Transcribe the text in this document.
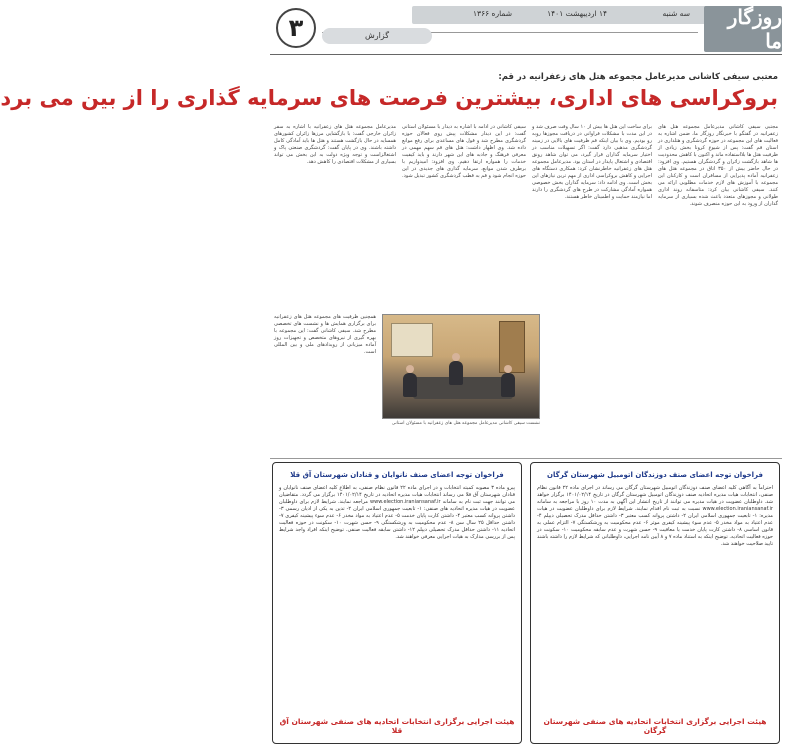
سه شنبه
۱۴ اردیبهشت ۱۴۰۱
شماره ۱۳۶۶	روزگار ما
گزارش
۳
معتبی سیفی کاشانی مدیرعامل مجموعه هتل های زعفرانیه در قم:
بروکراسی های اداری، بیشترین فرصت های سرمایه گذاری را از بین می برد

مجتبی سیفی کاشانی مدیرعامل مجموعه هتل های زعفرانیه در گفتگو با خبرنگار روزگار ما، ضمن اشاره به فعالیت های این مجموعه در حوزه گردشگری و هتلداری در استان قم گفت: پس از شیوع کرونا بخش زیادی از ظرفیت هتل ها بلااستفاده ماند و اکنون با کاهش محدودیت ها شاهد بازگشت زائران و گردشگران هستیم. وی افزود: در حال حاضر بیش از ۳۵۰ اتاق در مجموعه هتل های زعفرانیه آماده پذیرایی از مسافران است و کارکنان این مجموعه با آموزش های لازم خدمات مطلوبی ارائه می کنند. سیفی کاشانی بیان کرد: متاسفانه روند اداری طولانی و مجوزهای متعدد باعث شده بسیاری از سرمایه گذاران از ورود به این حوزه منصرف شوند.

برای ساخت این هتل ها بیش از ۱۰ سال وقت صرف شد و در این مدت با مشکلات فراوانی در دریافت مجوزها روبه رو بودیم. وی با بیان اینکه قم ظرفیت های بالایی در زمینه گردشگری مذهبی دارد گفت: اگر تسهیلات مناسب در اختیار سرمایه گذاران قرار گیرد، می توان شاهد رونق اقتصادی و اشتغال پایدار در استان بود. مدیرعامل مجموعه هتل های زعفرانیه خاطرنشان کرد: همکاری دستگاه های اجرایی و کاهش بروکراسی اداری از مهم ترین نیازهای این بخش است. وی ادامه داد: سرمایه گذاران بخش خصوصی همواره آمادگی مشارکت در طرح های گردشگری را دارند اما نیازمند حمایت و اطمینان خاطر هستند.

سیفی کاشانی در ادامه با اشاره به دیدار با مسئولان استانی گفت: در این دیدار مشکلات پیش روی فعالان حوزه گردشگری مطرح شد و قول های مساعدی برای رفع موانع داده شد. وی اظهار داشت: هتل های قم سهم مهمی در معرفی فرهنگ و جاذبه های این شهر دارند و باید کیفیت خدمات را همواره ارتقا دهیم. وی افزود: امیدواریم با برطرف شدن موانع، سرمایه گذاری های جدیدی در این حوزه انجام شود و قم به قطب گردشگری کشور تبدیل شود.

مدیرعامل مجموعه هتل های زعفرانیه با اشاره به سفر زائران خارجی گفت: با بازگشایی مرزها زائران کشورهای همسایه در حال بازگشت هستند و هتل ها باید آمادگی کامل داشته باشند. وی در پایان گفت: گردشگری صنعتی پاک و اشتغالزاست و توجه ویژه دولت به این بخش می تواند بسیاری از مشکلات اقتصادی را کاهش دهد.

همچنین ظرفیت های مجموعه هتل های زعفرانیه برای برگزاری همایش ها و نشست های تخصصی مطرح شد. سیفی کاشانی گفت: این مجموعه با بهره گیری از نیروهای متخصص و تجهیزات روز آماده میزبانی از رویدادهای ملی و بین المللی است.

نشست سیفی کاشانی مدیرعامل مجموعه هتل های زعفرانیه با مسئولان استانی
فراخوان توجه اعضای صنف دوزندگان اتومبیل شهرستان گرگان
احتراماً به آگاهی کلیه اعضای صنف دوزندگان اتومبیل شهرستان گرگان می رساند در اجرای ماده ۲۲ قانون نظام صنفی، انتخابات هیات مدیره اتحادیه صنف دوزندگان اتومبیل شهرستان گرگان در تاریخ ۱۴۰۱/۰۲/۱۴ برگزار خواهد شد. داوطلبان عضویت در هیات مدیره می توانند از تاریخ انتشار این آگهی به مدت ۱۰ روز با مراجعه به سامانه www.election.iraniansanaf.ir نسبت به ثبت نام اقدام نمایند. شرایط لازم برای داوطلبان عضویت در هیات مدیره: ۱- تابعیت جمهوری اسلامی ایران ۲- داشتن پروانه کسب معتبر ۳- داشتن حداقل مدرک تحصیلی دیپلم ۴- عدم اعتیاد به مواد مخدر ۵- عدم سوء پیشینه کیفری موثر ۶- عدم محکومیت به ورشکستگی ۷- التزام عملی به قانون اساسی ۸- داشتن کارت پایان خدمت یا معافیت ۹- حسن شهرت و عدم سابقه محکومیت ۱۰- سکونت در حوزه فعالیت اتحادیه. توضیح اینکه به استناد ماده ۷ و ۸ آیین نامه اجرایی، داوطلبانی که شرایط لازم را داشته باشند تایید صلاحیت خواهند شد.
هیئت اجرایی برگزاری انتخابات اتحادیه های صنفی شهرستان گرگان
فراخوان توجه اعضای صنف نانوایان و قنادان شهرستان آق قلا
پیرو ماده ۳ مصوبه کمیته انتخابات و در اجرای ماده ۲۲ قانون نظام صنفی، به اطلاع کلیه اعضای صنف نانوایان و قنادان شهرستان آق قلا می رساند انتخابات هیات مدیره اتحادیه در تاریخ ۱۴۰۱/۰۲/۱۴ برگزار می گردد. متقاضیان می توانند جهت ثبت نام به سامانه www.election.iraniansanaf.ir مراجعه نمایند. شرایط لازم برای داوطلبان عضویت در هیات مدیره اتحادیه های صنفی: ۱- تابعیت جمهوری اسلامی ایران ۲- تدین به یکی از ادیان رسمی ۳- داشتن پروانه کسب معتبر ۴- داشتن کارت پایان خدمت ۵- عدم اعتیاد به مواد مخدر ۶- عدم سوء پیشینه کیفری ۷- داشتن حداقل ۲۵ سال سن ۸- عدم محکومیت به ورشکستگی ۹- حسن شهرت ۱۰- سکونت در حوزه فعالیت اتحادیه ۱۱- داشتن حداقل مدرک تحصیلی دیپلم ۱۲- داشتن سابقه فعالیت صنفی. توضیح اینکه افراد واجد شرایط پس از بررسی مدارک به هیات اجرایی معرفی خواهند شد.
هیئت اجرایی برگزاری انتخابات اتحادیه های صنفی شهرستان آق قلا
